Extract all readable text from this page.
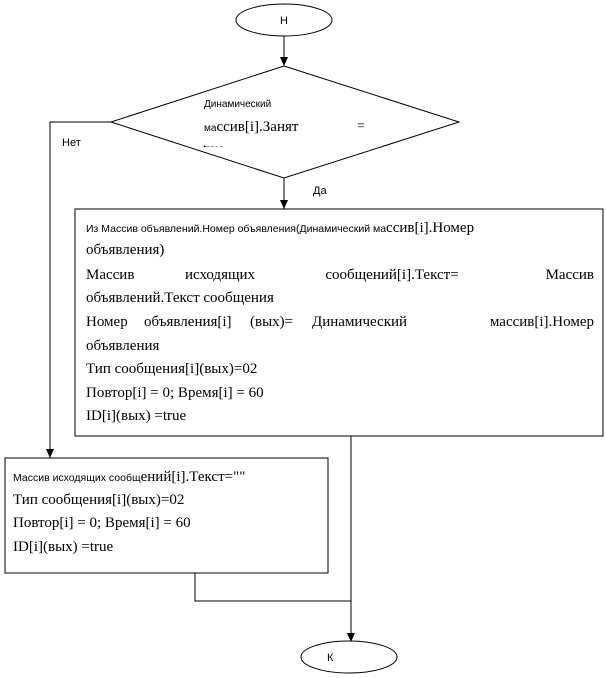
Н
Динамический
массив[i].Занят	=
Нет
Да
Из Массив объявлений.Номер объявления(Динамический массив[i].Номер
объявления)
Массив	исходящих	сообщений[i].Текст=	Массив
объявлений.Текст сообщения
Номер объявления[i] (вых)= Динамический	массив[i].Номер
объявления
Тип сообщения[i](вых)=02
Повтор[i] = 0; Время[i] = 60
ID[i](вых) =true
Массив исходящих сообщений[i].Текст=""
Тип сообщения[i](вых)=02
Повтор[i] = 0; Время[i] = 60
ID[i](вых) =true
К
